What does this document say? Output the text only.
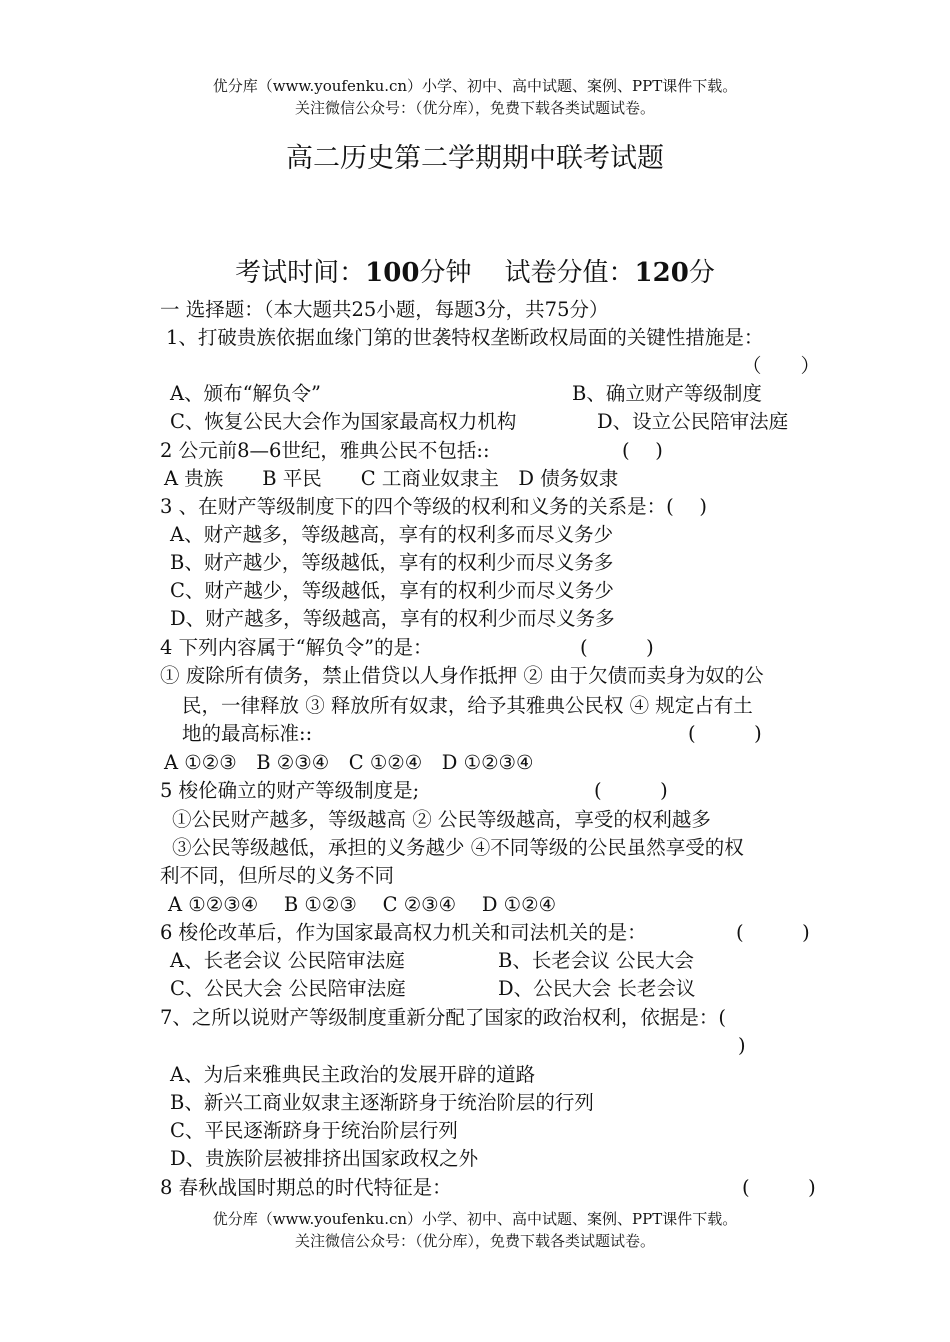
优分库（www.youfenku.cn）小学、初中、高中试题、案例、PPT课件下载。
关注微信公众号：（优分库），免费下载各类试题试卷。
高二历史第二学期期中联考试题
考试时间：100分钟 试卷分值：120分
一 选择题：（本大题共25小题，每题3分，共75分）
1、打破贵族依据血缘门第的世袭特权垄断政权局面的关键性措施是：
（　　）
A、颁布“解负令”	B、确立财产等级制度
C、恢复公民大会作为国家最高权力机构	D、设立公民陪审法庭
2 公元前8—6世纪，雅典公民不包括::	(　 )
A 贵族　　B 平民　　C 工商业奴隶主　D 债务奴隶
3 、在财产等级制度下的四个等级的权利和义务的关系是：(　 )
A、财产越多，等级越高，享有的权利多而尽义务少
B、财产越少，等级越低，享有的权利少而尽义务多
C、财产越少，等级越低，享有的权利少而尽义务少
D、财产越多，等级越高，享有的权利少而尽义务多
4 下列内容属于“解负令”的是：	(　　　)
① 废除所有债务，禁止借贷以人身作抵押 ② 由于欠债而卖身为奴的公
民，一律释放 ③ 释放所有奴隶，给予其雅典公民权 ④ 规定占有土
地的最高标准::	(　　　)
A ①②③　B ②③④　C ①②④　D ①②③④
5 梭伦确立的财产等级制度是;	(　　　)
①公民财产越多，等级越高 ② 公民等级越高，享受的权利越多
③公民等级越低，承担的义务越少 ④不同等级的公民虽然享受的权
利不同，但所尽的义务不同
A ①②③④　 B ①②③　 C ②③④　 D ①②④
6 梭伦改革后，作为国家最高权力机关和司法机关的是：	(　　　)
A、长老会议 公民陪审法庭	B、长老会议 公民大会
C、公民大会 公民陪审法庭	D、公民大会 长老会议
7、之所以说财产等级制度重新分配了国家的政治权利，依据是：(
)
A、为后来雅典民主政治的发展开辟的道路
B、新兴工商业奴隶主逐渐跻身于统治阶层的行列
C、平民逐渐跻身于统治阶层行列
D、贵族阶层被排挤出国家政权之外
8 春秋战国时期总的时代特征是：	(　　　)
优分库（www.youfenku.cn）小学、初中、高中试题、案例、PPT课件下载。
关注微信公众号：（优分库），免费下载各类试题试卷。
